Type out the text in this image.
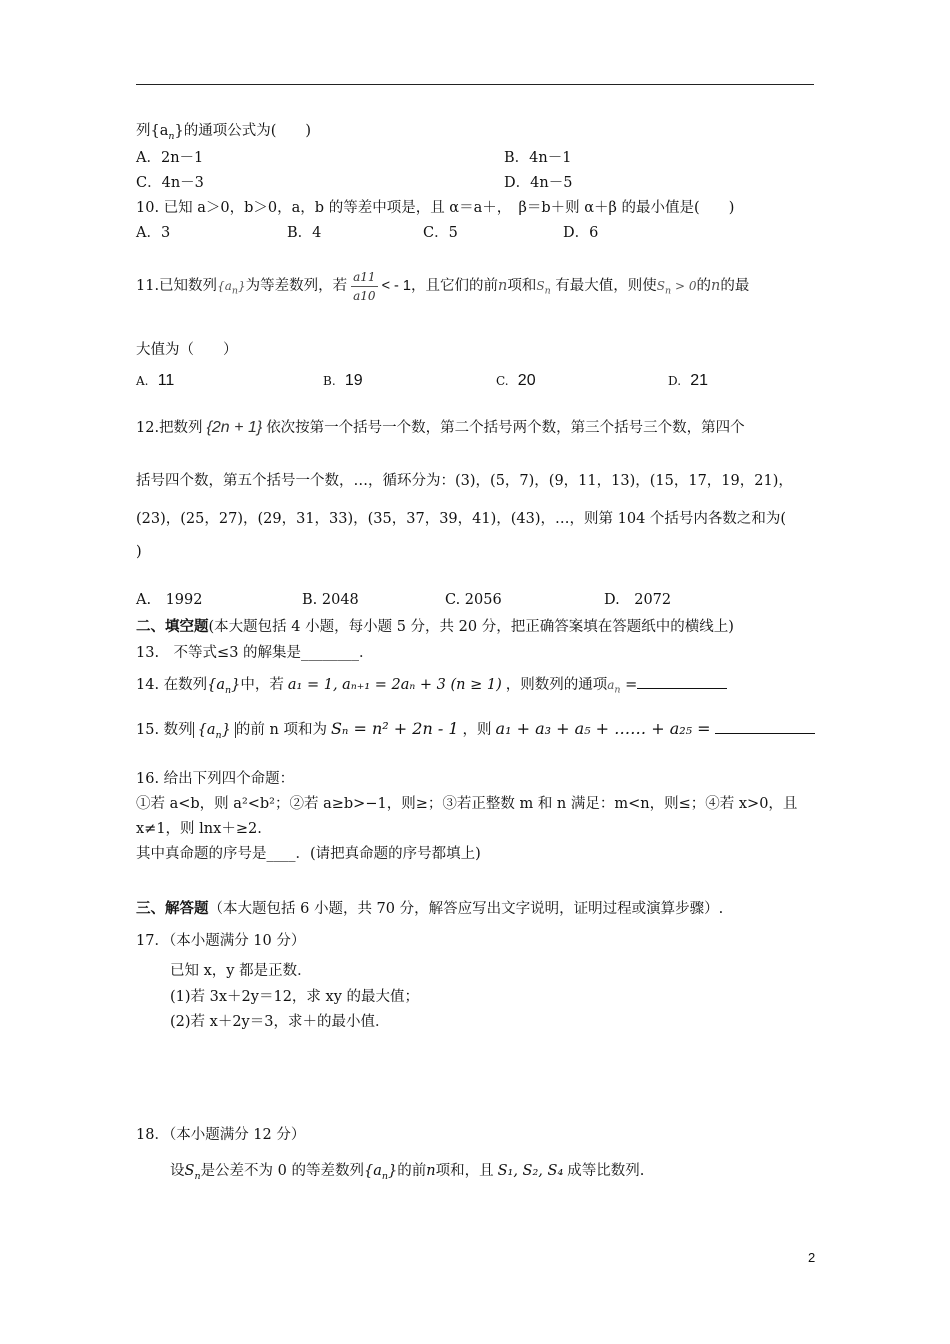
列$\{a_n\}$的通项公式为(　　)
A．2n－1	B．4n－1
C．4n－3	D．4n－5
10. 已知 a＞0，b＞0，a，b 的等差中项是，且 α＝a＋，　β＝b＋则 α＋β 的最小值是(　　)
A．3	B．4	C．5	D．6
11.已知数列$\{a_n\}$为等差数列，若 $\frac{a11}{a10}$ < - 1，且它们的前n项和$S_n$ 有最大值，则使$S_n > 0$的n的最
大值为（　　）
$^{A.}$ 11	$^{B.}$ 19	$^{C.}$ 20	$^{D.}$ 21
12.把数列 {2n + 1} 依次按第一个括号一个数，第二个括号两个数，第三个括号三个数，第四个
括号四个数，第五个括号一个数，…，循环分为：(3)，(5，7)，(9，11，13)，(15，17，19，21)，
(23)，(25，27)，(29，31，33)，(35，37，39，41)，(43)，…，则第 104 个括号内各数之和为(
)
A.　1992	B. 2048	C. 2056	D.　2072
二、填空题(本大题包括 4 小题，每小题 5 分，共 20 分，把正确答案填在答题纸中的横线上)
13.　不等式≤3 的解集是________．
14. 在数列$\{a_n\}$中，若 a₁ = 1, aₙ₊₁ = 2aₙ + 3 (n ≥ 1) ，则数列的通项$a_n$ =
15. 数列 $\{a_n\}$ 的前 n 项和为 Sₙ = n² + 2n - 1 ，则 a₁ + a₃ + a₅ + …… + a₂₅ =
16. 给出下列四个命题：
①若 a<b，则 a²<b²；②若 a≥b>−1，则≥；③若正整数 m 和 n 满足：m<n，则≤；④若 x>0，且
x≠1，则 lnx＋≥2.
其中真命题的序号是____．(请把真命题的序号都填上)
三、解答题（本大题包括 6 小题，共 70 分，解答应写出文字说明，证明过程或演算步骤）.
17．（本小题满分 10 分）
已知 x，y 都是正数．
(1)若 3x＋2y＝12，求 xy 的最大值；
(2)若 x＋2y＝3，求＋的最小值．
18．（本小题满分 12 分）
设$S_n$是公差不为 0 的等差数列$\{a_n\}$的前n项和，且 S₁, S₂, S₄ 成等比数列.
2
